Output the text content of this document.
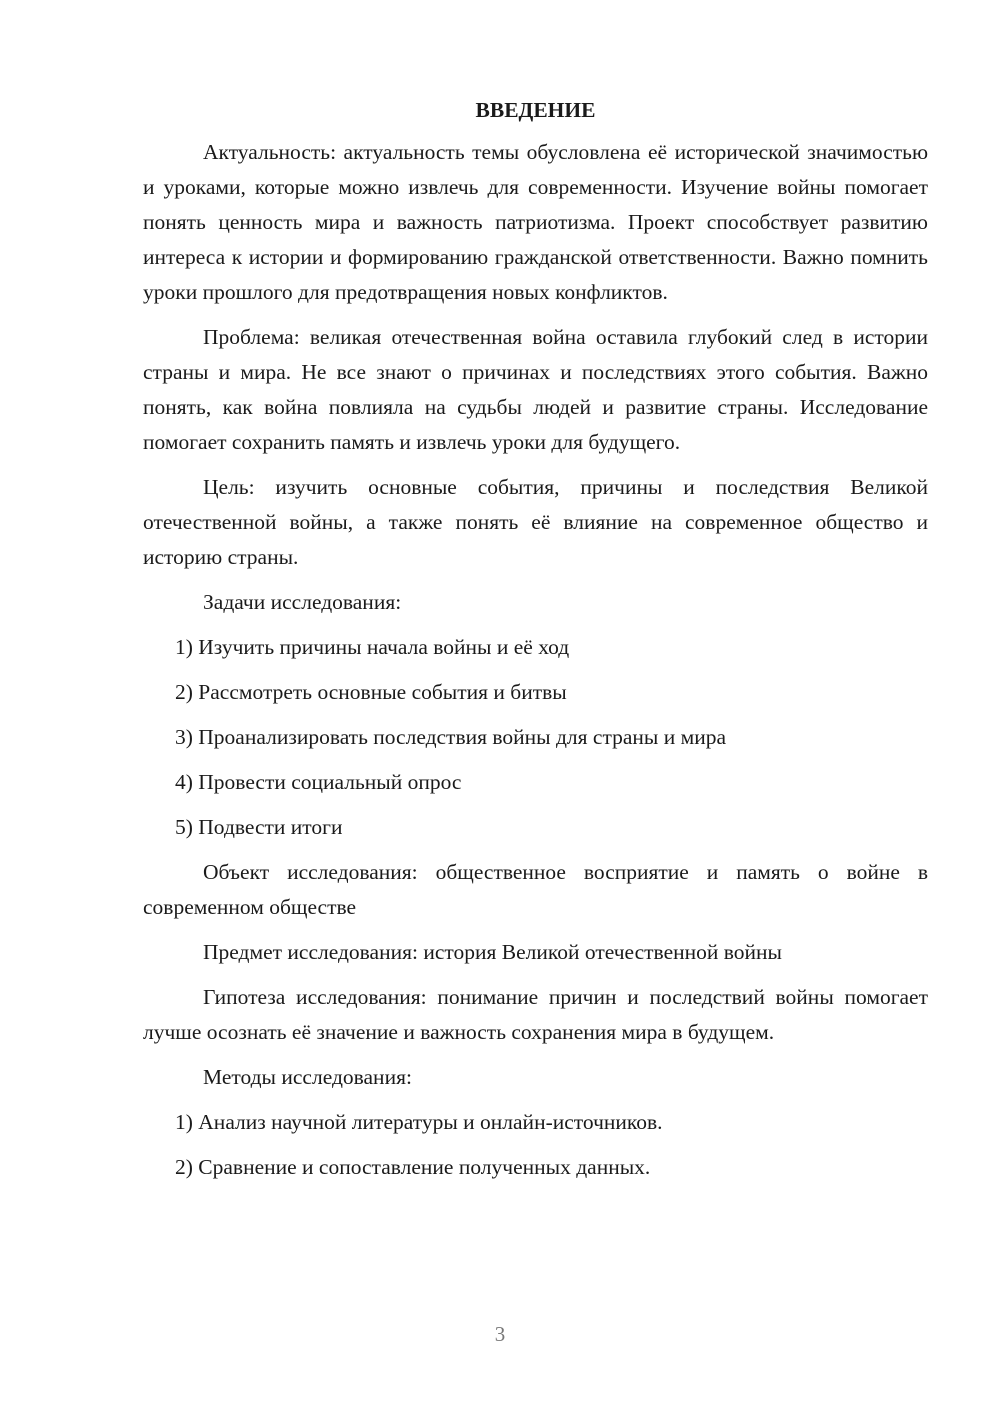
ВВЕДЕНИЕ

Актуальность: актуальность темы обусловлена её исторической значимостью и уроками, которые можно извлечь для современности. Изучение войны помогает понять ценность мира и важность патриотизма. Проект способствует развитию интереса к истории и формированию гражданской ответственности. Важно помнить уроки прошлого для предотвращения новых конфликтов.

Проблема: великая отечественная война оставила глубокий след в истории страны и мира. Не все знают о причинах и последствиях этого события. Важно понять, как война повлияла на судьбы людей и развитие страны. Исследование помогает сохранить память и извлечь уроки для будущего.

Цель: изучить основные события, причины и последствия Великой отечественной войны, а также понять её влияние на современное общество и историю страны.

Задачи исследования:

1) Изучить причины начала войны и её ход

2) Рассмотреть основные события и битвы

3) Проанализировать последствия войны для страны и мира

4) Провести социальный опрос

5) Подвести итоги

Объект исследования: общественное восприятие и память о войне в современном обществе

Предмет исследования: история Великой отечественной войны

Гипотеза исследования: понимание причин и последствий войны помогает лучше осознать её значение и важность сохранения мира в будущем.

Методы исследования:

1) Анализ научной литературы и онлайн-источников.

2) Сравнение и сопоставление полученных данных.

3
